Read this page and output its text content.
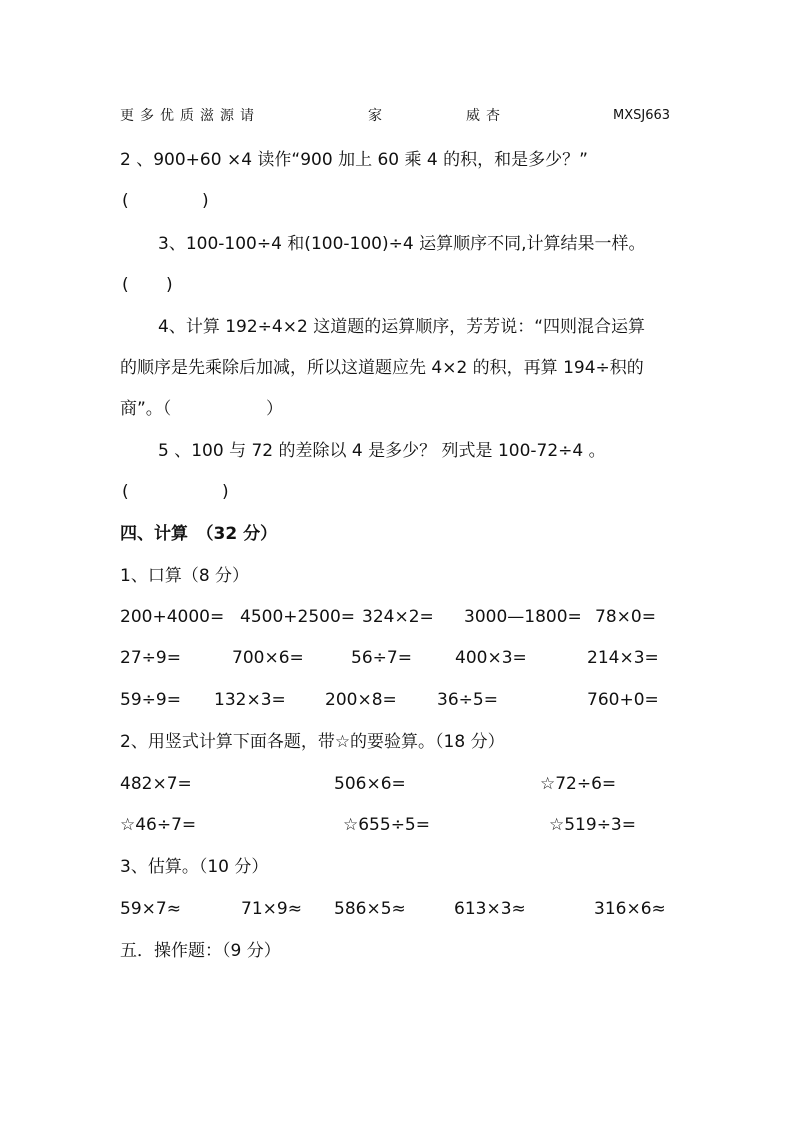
更多优质滋源请	家	威杏	MXSJ663
2 、900+60 ×4 读作“900 加上 60 乘 4 的积，和是多少？”
(	)
3、100-100÷4 和(100-100)÷4 运算顺序不同,计算结果一样。
( )
4、计算 192÷4×2 这道题的运算顺序，芳芳说：“四则混合运算
的顺序是先乘除后加减，所以这道题应先 4×2 的积，再算 194÷积的
商”。（	）
5 、100 与 72 的差除以 4 是多少？ 列式是 100-72÷4 。
(	)
四、计算　（32 分）
1、口算（8 分）
200+4000= 4500+2500= 324×2= 3000—1800= 78×0=
27÷9=	700×6=	56÷7=	400×3=	214×3=
59÷9= 132×3= 200×8= 36÷5=	760+0=
2、用竖式计算下面各题，带☆的要验算。（18 分）
482×7=	506×6=	☆72÷6=
☆46÷7=	☆655÷5=	☆519÷3=
3、估算。（10 分）
59×7≈	71×9≈ 586×5≈	613×3≈	316×6≈
五．操作题：（9 分）
